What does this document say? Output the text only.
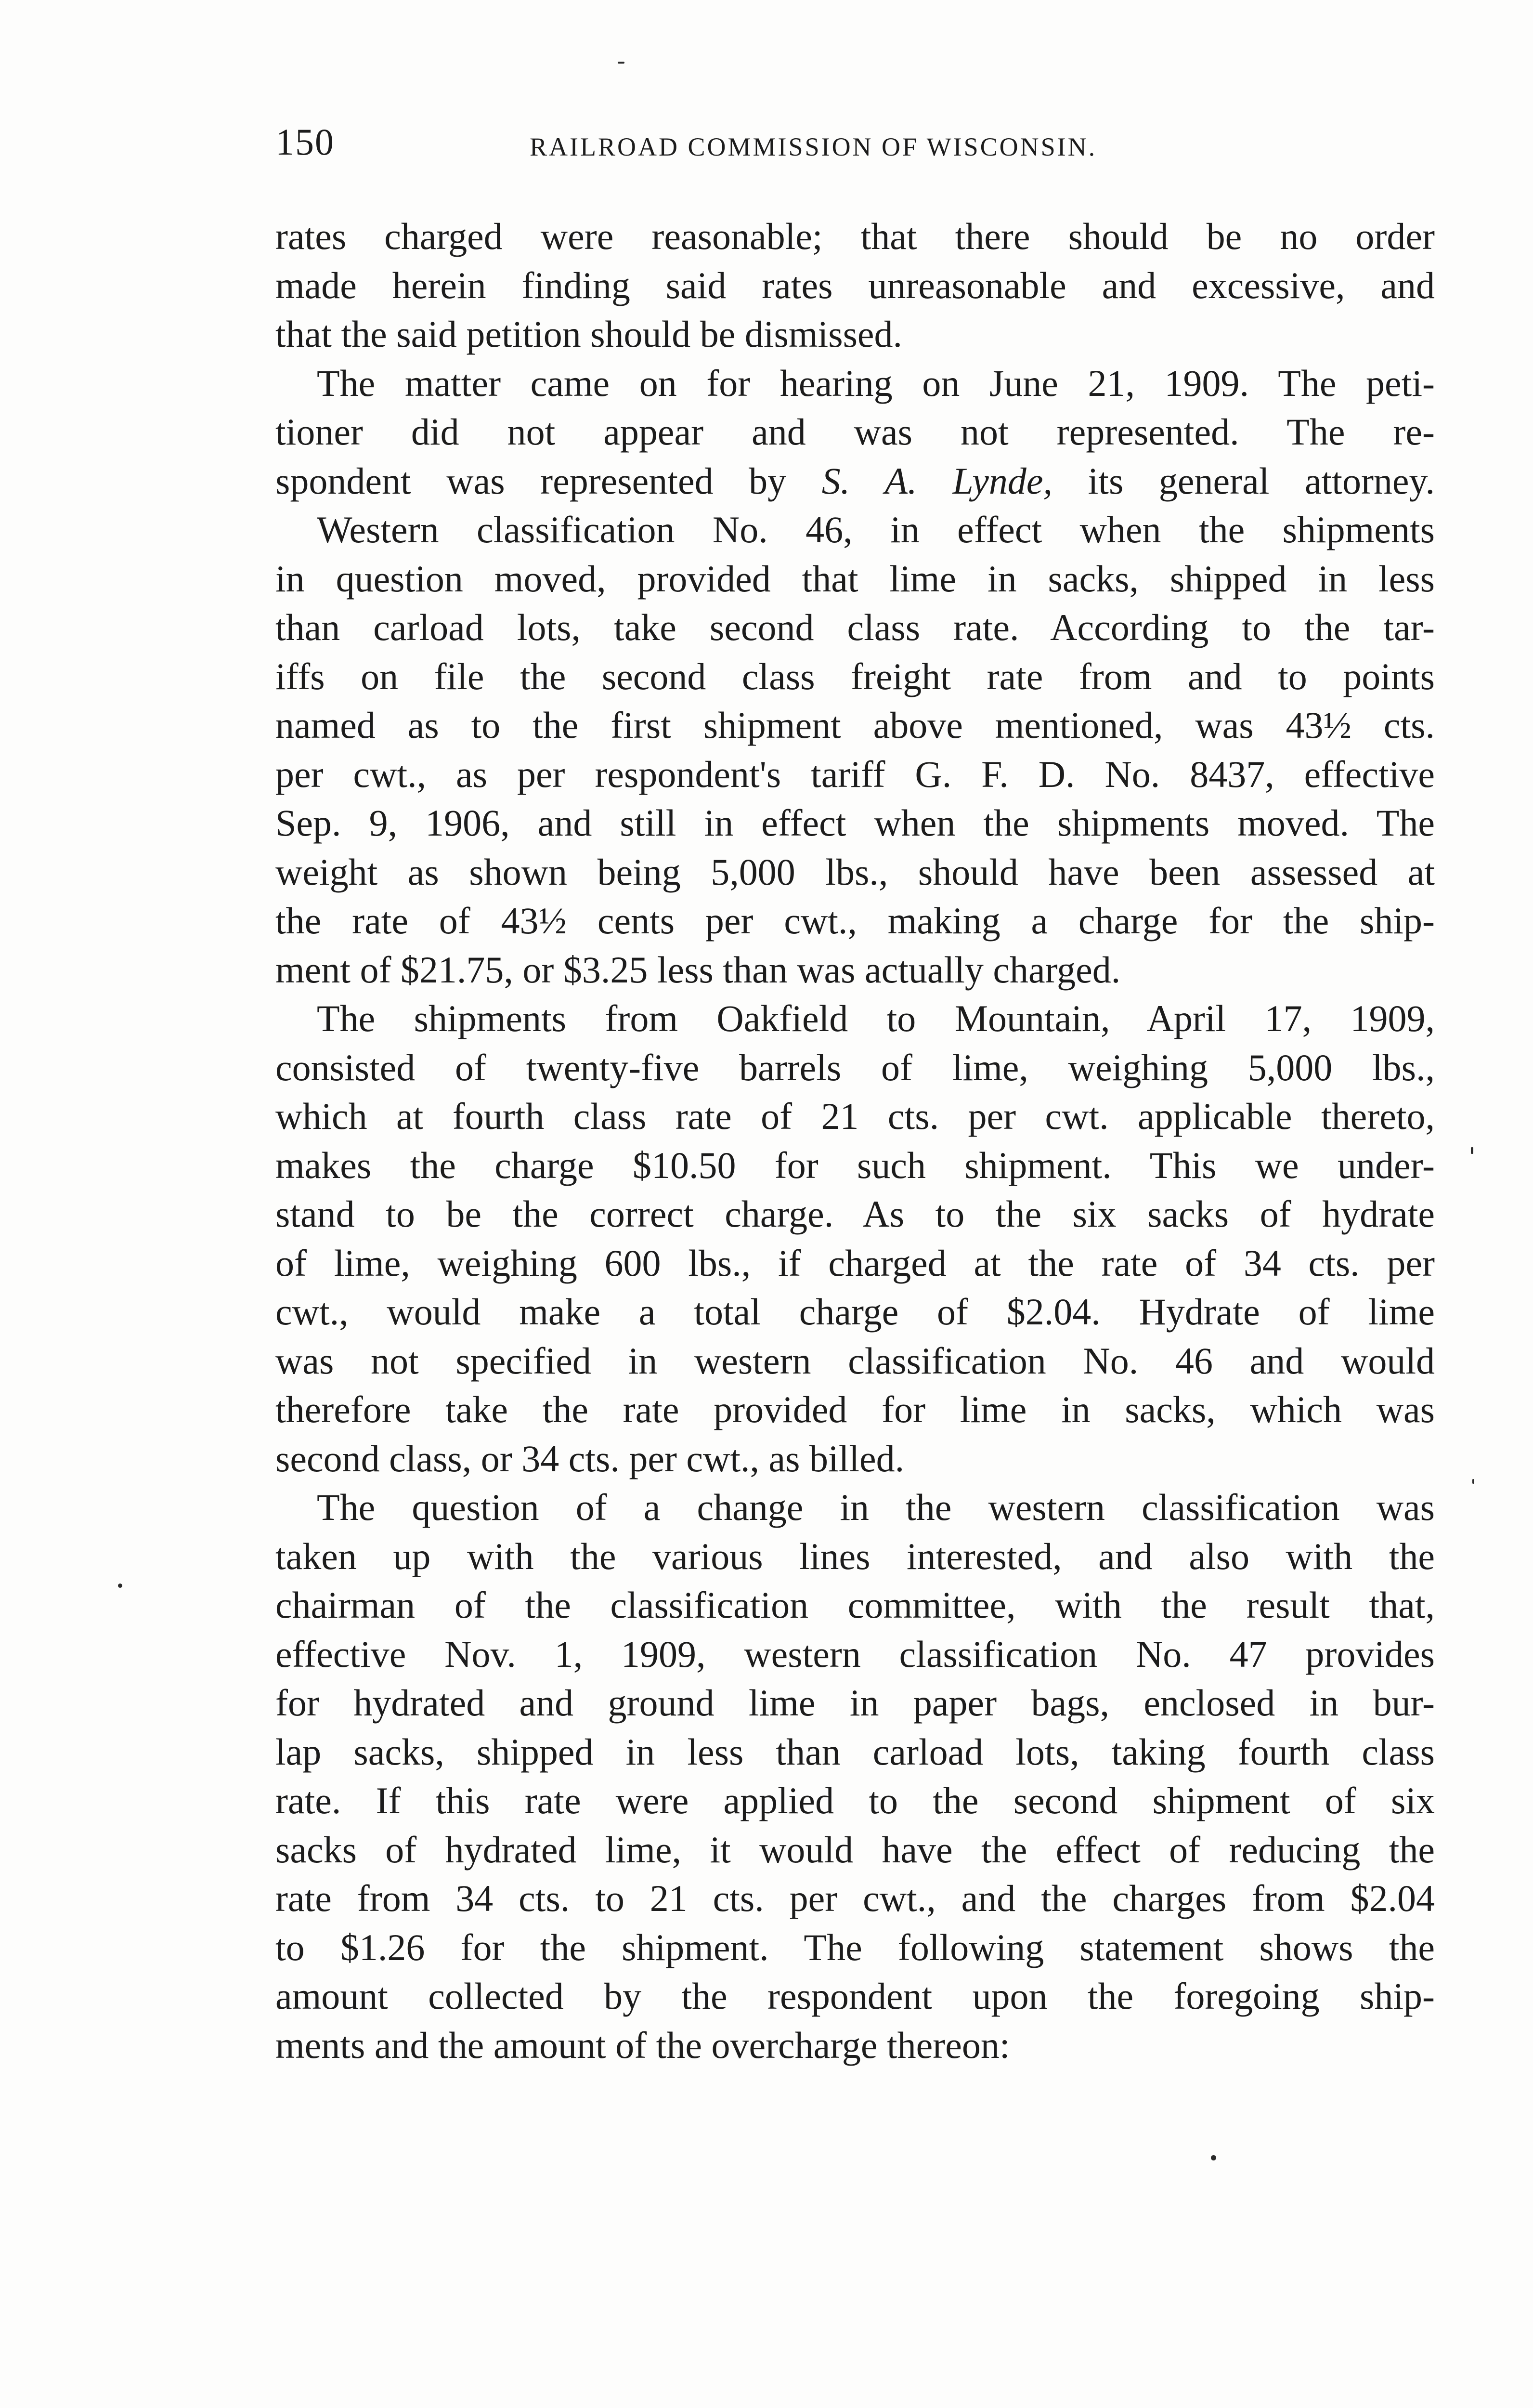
150	RAILROAD COMMISSION OF WISCONSIN.
rates charged were reasonable; that there should be no order
made herein finding said rates unreasonable and excessive, and
that the said petition should be dismissed.
The matter came on for hearing on June 21, 1909. The peti-
tioner did not appear and was not represented. The re-
spondent was represented by S. A. Lynde, its general attorney.
Western classification No. 46, in effect when the shipments
in question moved, provided that lime in sacks, shipped in less
than carload lots, take second class rate. According to the tar-
iffs on file the second class freight rate from and to points
named as to the first shipment above mentioned, was 43½ cts.
per cwt., as per respondent's tariff G. F. D. No. 8437, effective
Sep. 9, 1906, and still in effect when the shipments moved. The
weight as shown being 5,000 lbs., should have been assessed at
the rate of 43½ cents per cwt., making a charge for the ship-
ment of $21.75, or $3.25 less than was actually charged.
The shipments from Oakfield to Mountain, April 17, 1909,
consisted of twenty-five barrels of lime, weighing 5,000 lbs.,
which at fourth class rate of 21 cts. per cwt. applicable thereto,
makes the charge $10.50 for such shipment. This we under-
stand to be the correct charge. As to the six sacks of hydrate
of lime, weighing 600 lbs., if charged at the rate of 34 cts. per
cwt., would make a total charge of $2.04. Hydrate of lime
was not specified in western classification No. 46 and would
therefore take the rate provided for lime in sacks, which was
second class, or 34 cts. per cwt., as billed.
The question of a change in the western classification was
taken up with the various lines interested, and also with the
chairman of the classification committee, with the result that,
effective Nov. 1, 1909, western classification No. 47 provides
for hydrated and ground lime in paper bags, enclosed in bur-
lap sacks, shipped in less than carload lots, taking fourth class
rate. If this rate were applied to the second shipment of six
sacks of hydrated lime, it would have the effect of reducing the
rate from 34 cts. to 21 cts. per cwt., and the charges from $2.04
to $1.26 for the shipment. The following statement shows the
amount collected by the respondent upon the foregoing ship-
ments and the amount of the overcharge thereon:
